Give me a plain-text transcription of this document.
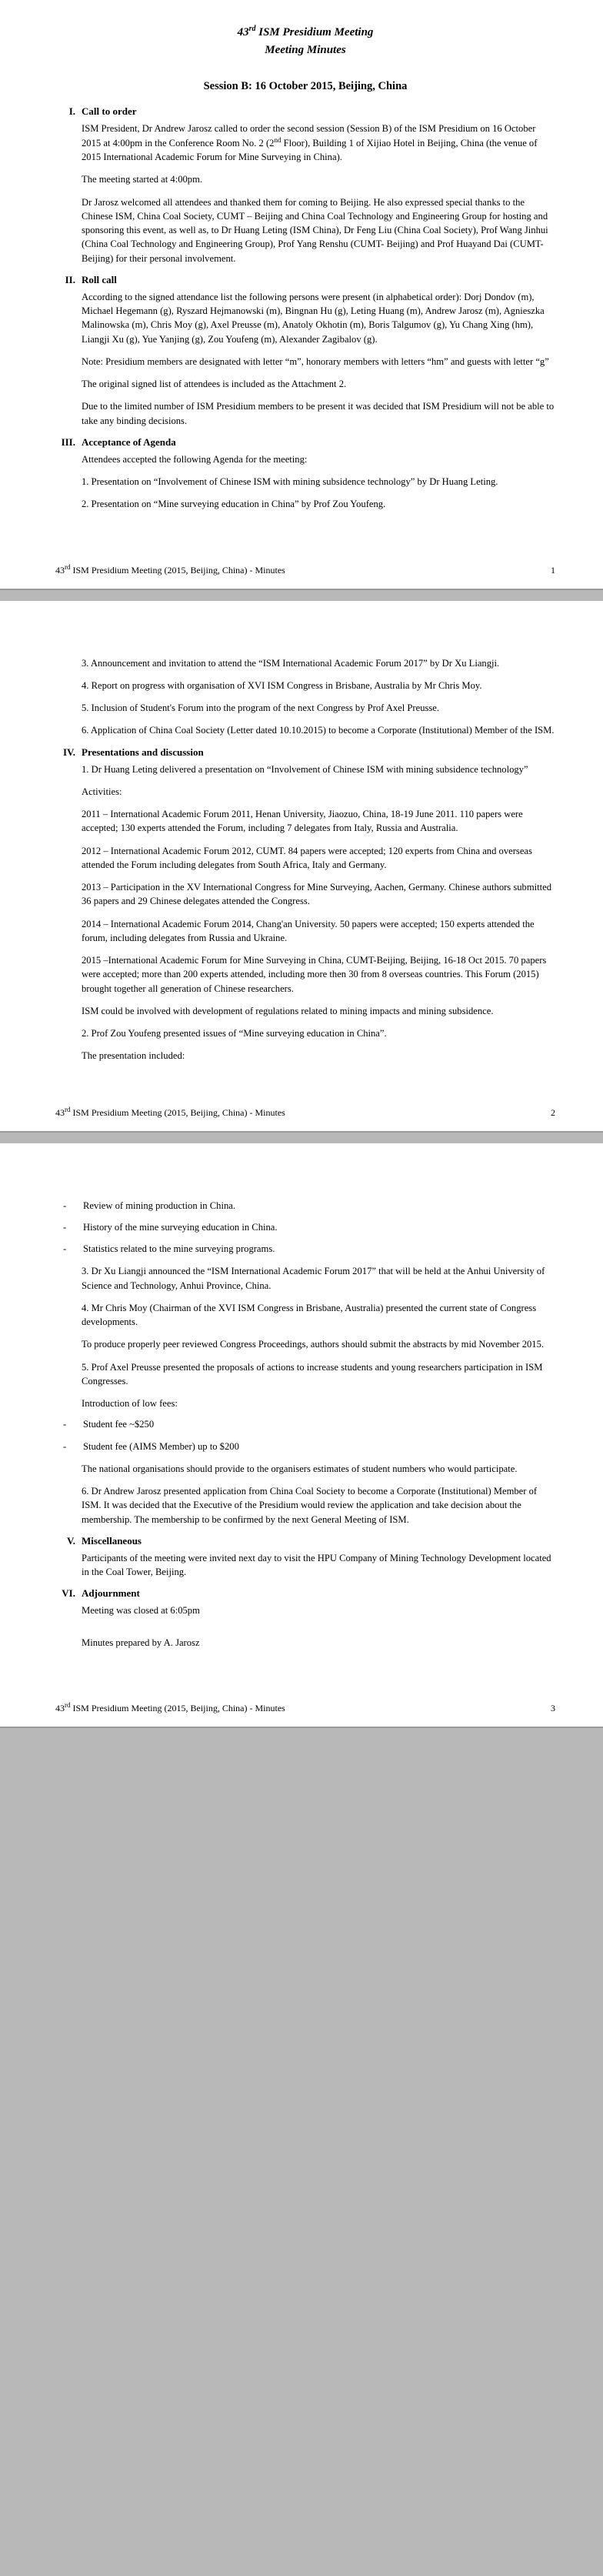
43rd ISM Presidium Meeting
Meeting Minutes
Session B: 16 October 2015, Beijing, China
I. Call to order

ISM President, Dr Andrew Jarosz called to order the second session (Session B) of the ISM Presidium on 16 October 2015 at 4:00pm in the Conference Room No. 2 (2nd Floor), Building 1 of Xijiao Hotel in Beijing, China (the venue of 2015 International Academic Forum for Mine Surveying in China).

The meeting started at 4:00pm.

Dr Jarosz welcomed all attendees and thanked them for coming to Beijing. He also expressed special thanks to the Chinese ISM, China Coal Society, CUMT – Beijing and China Coal Technology and Engineering Group for hosting and sponsoring this event, as well as, to Dr Huang Leting (ISM China), Dr Feng Liu (China Coal Society), Prof Wang Jinhui (China Coal Technology and Engineering Group), Prof Yang Renshu (CUMT- Beijing) and Prof Huayand Dai (CUMT-Beijing) for their personal involvement.

II. Roll call

According to the signed attendance list the following persons were present (in alphabetical order): Dorj Dondov (m), Michael Hegemann (g), Ryszard Hejmanowski (m), Bingnan Hu (g), Leting Huang (m), Andrew Jarosz (m), Agnieszka Malinowska (m), Chris Moy (g), Axel Preusse (m), Anatoly Okhotin (m), Boris Talgumov (g), Yu Chang Xing (hm), Liangji Xu (g), Yue Yanjing (g), Zou Youfeng (m), Alexander Zagibalov (g).

Note: Presidium members are designated with letter “m”, honorary members with letters “hm” and guests with letter “g”

The original signed list of attendees is included as the Attachment 2.

Due to the limited number of ISM Presidium members to be present it was decided that ISM Presidium will not be able to take any binding decisions.

III. Acceptance of Agenda

Attendees accepted the following Agenda for the meeting:

1. Presentation on “Involvement of Chinese ISM with mining subsidence technology” by Dr Huang Leting.

2. Presentation on “Mine surveying education in China” by Prof Zou Youfeng.

43rd ISM Presidium Meeting (2015, Beijing, China) - Minutes	1

3. Announcement and invitation to attend the “ISM International Academic Forum 2017” by Dr Xu Liangji.

4. Report on progress with organisation of XVI ISM Congress in Brisbane, Australia by Mr Chris Moy.

5. Inclusion of Student's Forum into the program of the next Congress by Prof Axel Preusse.

6. Application of China Coal Society (Letter dated 10.10.2015) to become a Corporate (Institutional) Member of the ISM.

IV. Presentations and discussion

1. Dr Huang Leting delivered a presentation on “Involvement of Chinese ISM with mining subsidence technology”

Activities:

2011 – International Academic Forum 2011, Henan University, Jiaozuo, China, 18-19 June 2011. 110 papers were accepted; 130 experts attended the Forum, including 7 delegates from Italy, Russia and Australia.

2012 – International Academic Forum 2012, CUMT. 84 papers were accepted; 120 experts from China and overseas attended the Forum including delegates from South Africa, Italy and Germany.

2013 – Participation in the XV International Congress for Mine Surveying, Aachen, Germany. Chinese authors submitted 36 papers and 29 Chinese delegates attended the Congress.

2014 – International Academic Forum 2014, Chang'an University. 50 papers were accepted; 150 experts attended the forum, including delegates from Russia and Ukraine.

2015 –International Academic Forum for Mine Surveying in China, CUMT-Beijing, Beijing, 16-18 Oct 2015. 70 papers were accepted; more than 200 experts attended, including more then 30 from 8 overseas countries. This Forum (2015) brought together all generation of Chinese researchers.

ISM could be involved with development of regulations related to mining impacts and mining subsidence.

2. Prof Zou Youfeng presented issues of “Mine surveying education in China”.

The presentation included:

43rd ISM Presidium Meeting (2015, Beijing, China) - Minutes	2
- Review of mining production in China.
- History of the mine surveying education in China.
- Statistics related to the mine surveying programs.

3. Dr Xu Liangji announced the “ISM International Academic Forum 2017” that will be held at the Anhui University of Science and Technology, Anhui Province, China.

4. Mr Chris Moy (Chairman of the XVI ISM Congress in Brisbane, Australia) presented the current state of Congress developments.

To produce properly peer reviewed Congress Proceedings, authors should submit the abstracts by mid November 2015.

5. Prof Axel Preusse presented the proposals of actions to increase students and young researchers participation in ISM Congresses.

Introduction of low fees:

- Student fee ~$250
- Student fee (AIMS Member) up to $200

The national organisations should provide to the organisers estimates of student numbers who would participate.

6. Dr Andrew Jarosz presented application from China Coal Society to become a Corporate (Institutional) Member of ISM. It was decided that the Executive of the Presidium would review the application and take decision about the membership. The membership to be confirmed by the next General Meeting of ISM.

V. Miscellaneous

Participants of the meeting were invited next day to visit the HPU Company of Mining Technology Development located in the Coal Tower, Beijing.

VI. Adjournment

Meeting was closed at 6:05pm

Minutes prepared by A. Jarosz

43rd ISM Presidium Meeting (2015, Beijing, China) - Minutes	3
